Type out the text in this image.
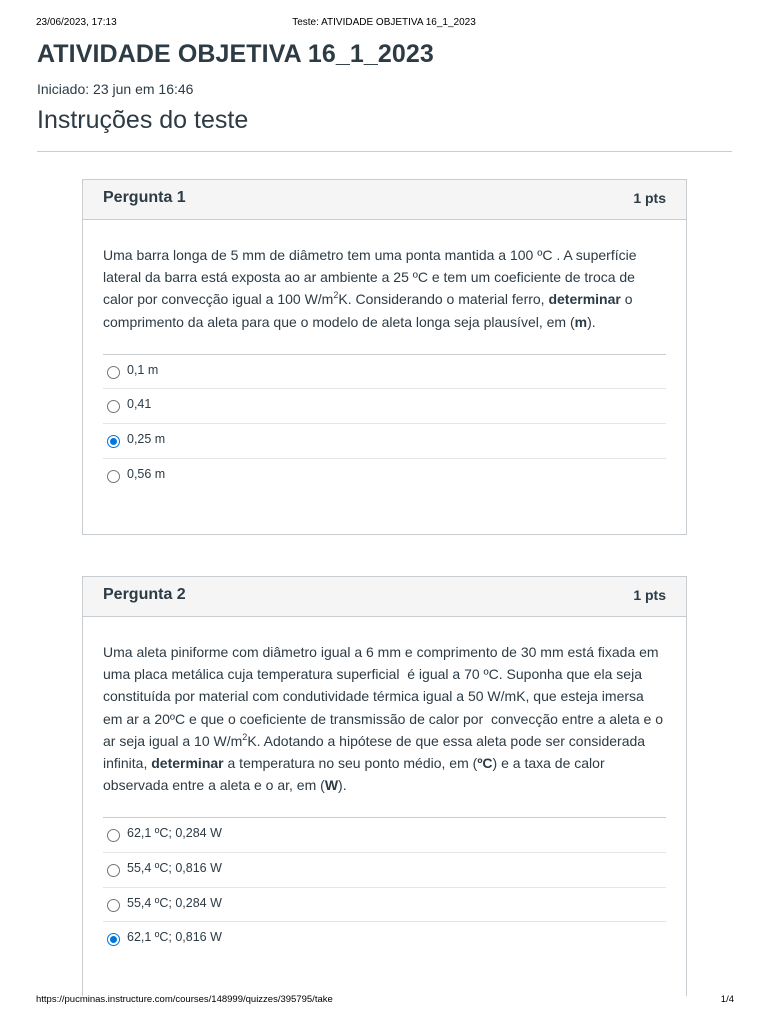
23/06/2023, 17:13	Teste: ATIVIDADE OBJETIVA 16_1_2023
ATIVIDADE OBJETIVA 16_1_2023
Iniciado: 23 jun em 16:46
Instruções do teste
Pergunta 1	1 pts
Uma barra longa de 5 mm de diâmetro tem uma ponta mantida a 100 ºC . A superfície lateral da barra está exposta ao ar ambiente a 25 ºC e tem um coeficiente de troca de calor por convecção igual a 100 $W/m^2K$. Considerando o material ferro, determinar o comprimento da aleta para que o modelo de aleta longa seja plausível, em (m).
0,1 m
0,41
0,25 m
0,56 m
Pergunta 2	1 pts
Uma aleta piniforme com diâmetro igual a 6 mm e comprimento de 30 mm está fixada em uma placa metálica cuja temperatura superficial  é igual a 70 ºC. Suponha que ela seja constituída por material com condutividade térmica igual a 50 W/mK, que esteja imersa em ar a 20ºC e que o coeficiente de transmissão de calor por  convecção entre a aleta e o ar seja igual a 10 $W/m^2K$. Adotando a hipótese de que essa aleta pode ser considerada infinita, determinar a temperatura no seu ponto médio, em (ºC) e a taxa de calor observada entre a aleta e o ar, em (W).
62,1 ºC; 0,284 W
55,4 ºC; 0,816 W
55,4 ºC; 0,284 W
62,1 ºC; 0,816 W
https://pucminas.instructure.com/courses/148999/quizzes/395795/take	1/4
